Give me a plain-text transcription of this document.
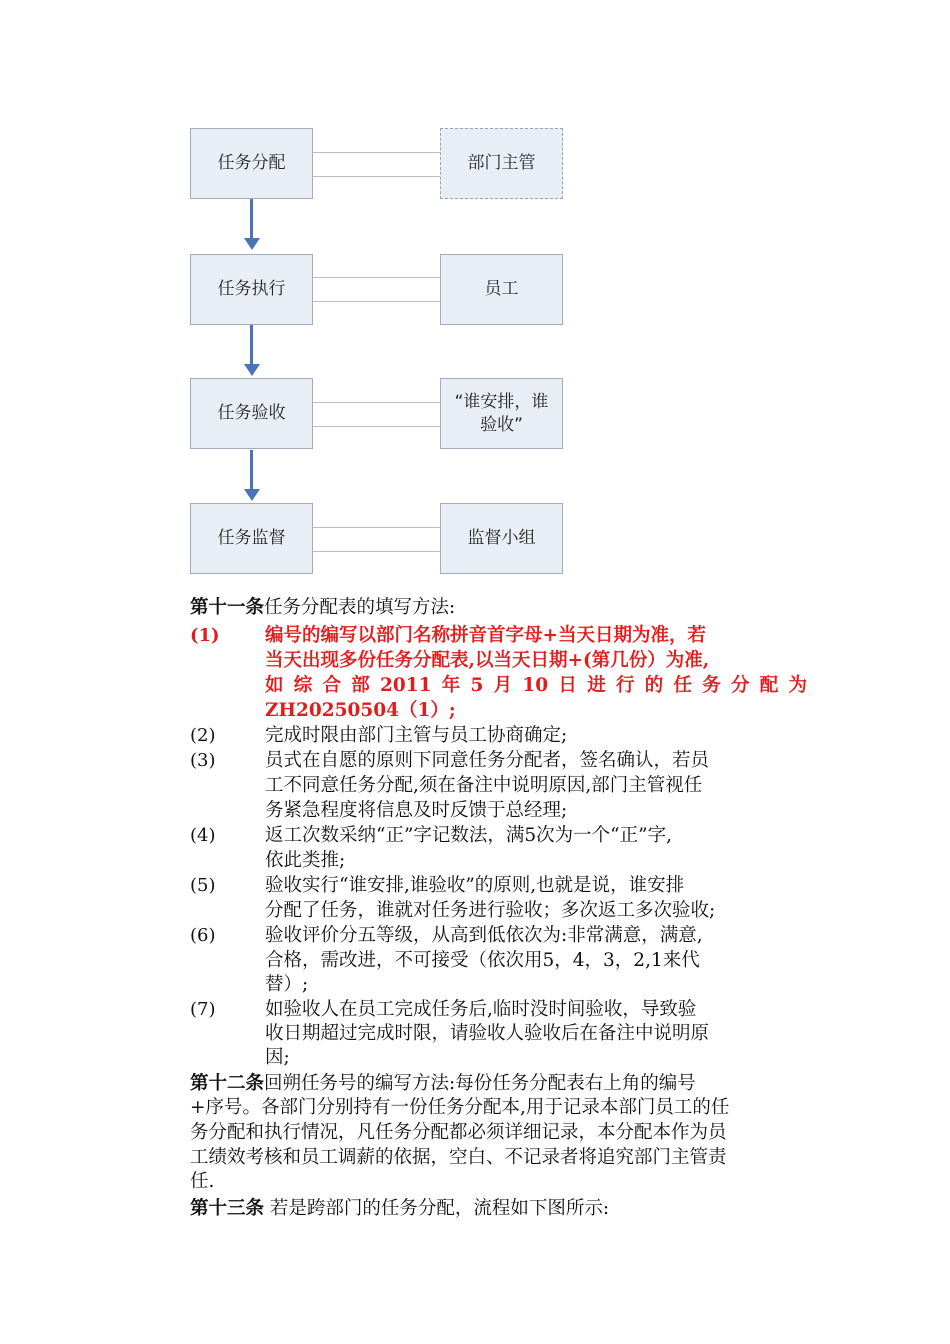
任务分配	部门主管
任务执行	员工
任务验收
“谁安排，谁验收”
任务监督	监督小组
第十一条任务分配表的填写方法:
(1) 编号的编写以部门名称拼音首字母+当天日期为准，若
当天出现多份任务分配表,以当天日期+(第几份）为准,
如综合部2011年5月10日进行的任务分配为
ZH20250504（1）;
(2)	完成时限由部门主管与员工协商确定;
(3)	员式在自愿的原则下同意任务分配者，签名确认，若员
工不同意任务分配,须在备注中说明原因,部门主管视任
务紧急程度将信息及时反馈于总经理;
(4)	返工次数采纳“正”字记数法，满5次为一个“正”字,
依此类推;
(5)	验收实行“谁安排,谁验收”的原则,也就是说，谁安排
分配了任务，谁就对任务进行验收；多次返工多次验收;
(6)	验收评价分五等级，从高到低依次为:非常满意，满意,
合格，需改进，不可接受（依次用5，4，3，2,1来代
替）;
(7)	如验收人在员工完成任务后,临时没时间验收，导致验
收日期超过完成时限，请验收人验收后在备注中说明原
因;
第十二条回朔任务号的编写方法:每份任务分配表右上角的编号
+序号。各部门分别持有一份任务分配本,用于记录本部门员工的任
务分配和执行情况，凡任务分配都必须详细记录，本分配本作为员
工绩效考核和员工调薪的依据，空白、不记录者将追究部门主管责
任.
第十三条 若是跨部门的任务分配，流程如下图所示:
